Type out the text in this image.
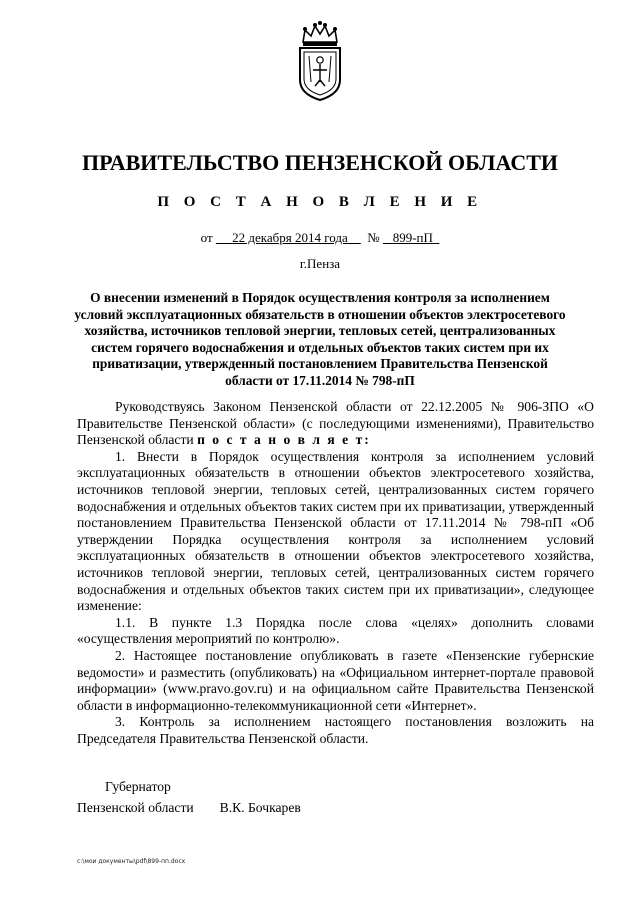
ПРАВИТЕЛЬСТВО ПЕНЗЕНСКОЙ ОБЛАСТИ
П О С Т А Н О В Л Е Н И Е
от 22 декабря 2014 года № 899-пП
г.Пенза
О внесении изменений в Порядок осуществления контроля за исполнением условий эксплуатационных обязательств в отношении объектов электросетевого хозяйства, источников тепловой энергии, тепловых сетей, централизованных систем горячего водоснабжения и отдельных объектов таких систем при их приватизации, утвержденный постановлением Правительства Пензенской области от 17.11.2014 № 798-пП

Руководствуясь Законом Пензенской области от 22.12.2005 № 906-ЗПО «О Правительстве Пензенской области» (с последующими изменениями), Правительство Пензенской области п о с т а н о в л я е т:

1. Внести в Порядок осуществления контроля за исполнением условий эксплуатационных обязательств в отношении объектов электросетевого хозяйства, источников тепловой энергии, тепловых сетей, централизованных систем горячего водоснабжения и отдельных объектов таких систем при их приватизации, утвержденный постановлением Правительства Пензенской области от 17.11.2014 № 798-пП «Об утверждении Порядка осуществления контроля за исполнением условий эксплуатационных обязательств в отношении объектов электросетевого хозяйства, источников тепловой энергии, тепловых сетей, централизованных систем горячего водоснабжения и отдельных объектов таких систем при их приватизации», следующее изменение:

1.1. В пункте 1.3 Порядка после слова «целях» дополнить словами «осуществления мероприятий по контролю».

2. Настоящее постановление опубликовать в газете «Пензенские губернские ведомости» и разместить (опубликовать) на «Официальном интернет-портале правовой информации» (www.pravo.gov.ru) и на официальном сайте Правительства Пензенской области в информационно-телекоммуникационной сети «Интернет».

3. Контроль за исполнением настоящего постановления возложить на Председателя Правительства Пензенской области.

Губернатор
Пензенской области В.К. Бочкарев
c:\мои документы\pdf\899-пп.docx
